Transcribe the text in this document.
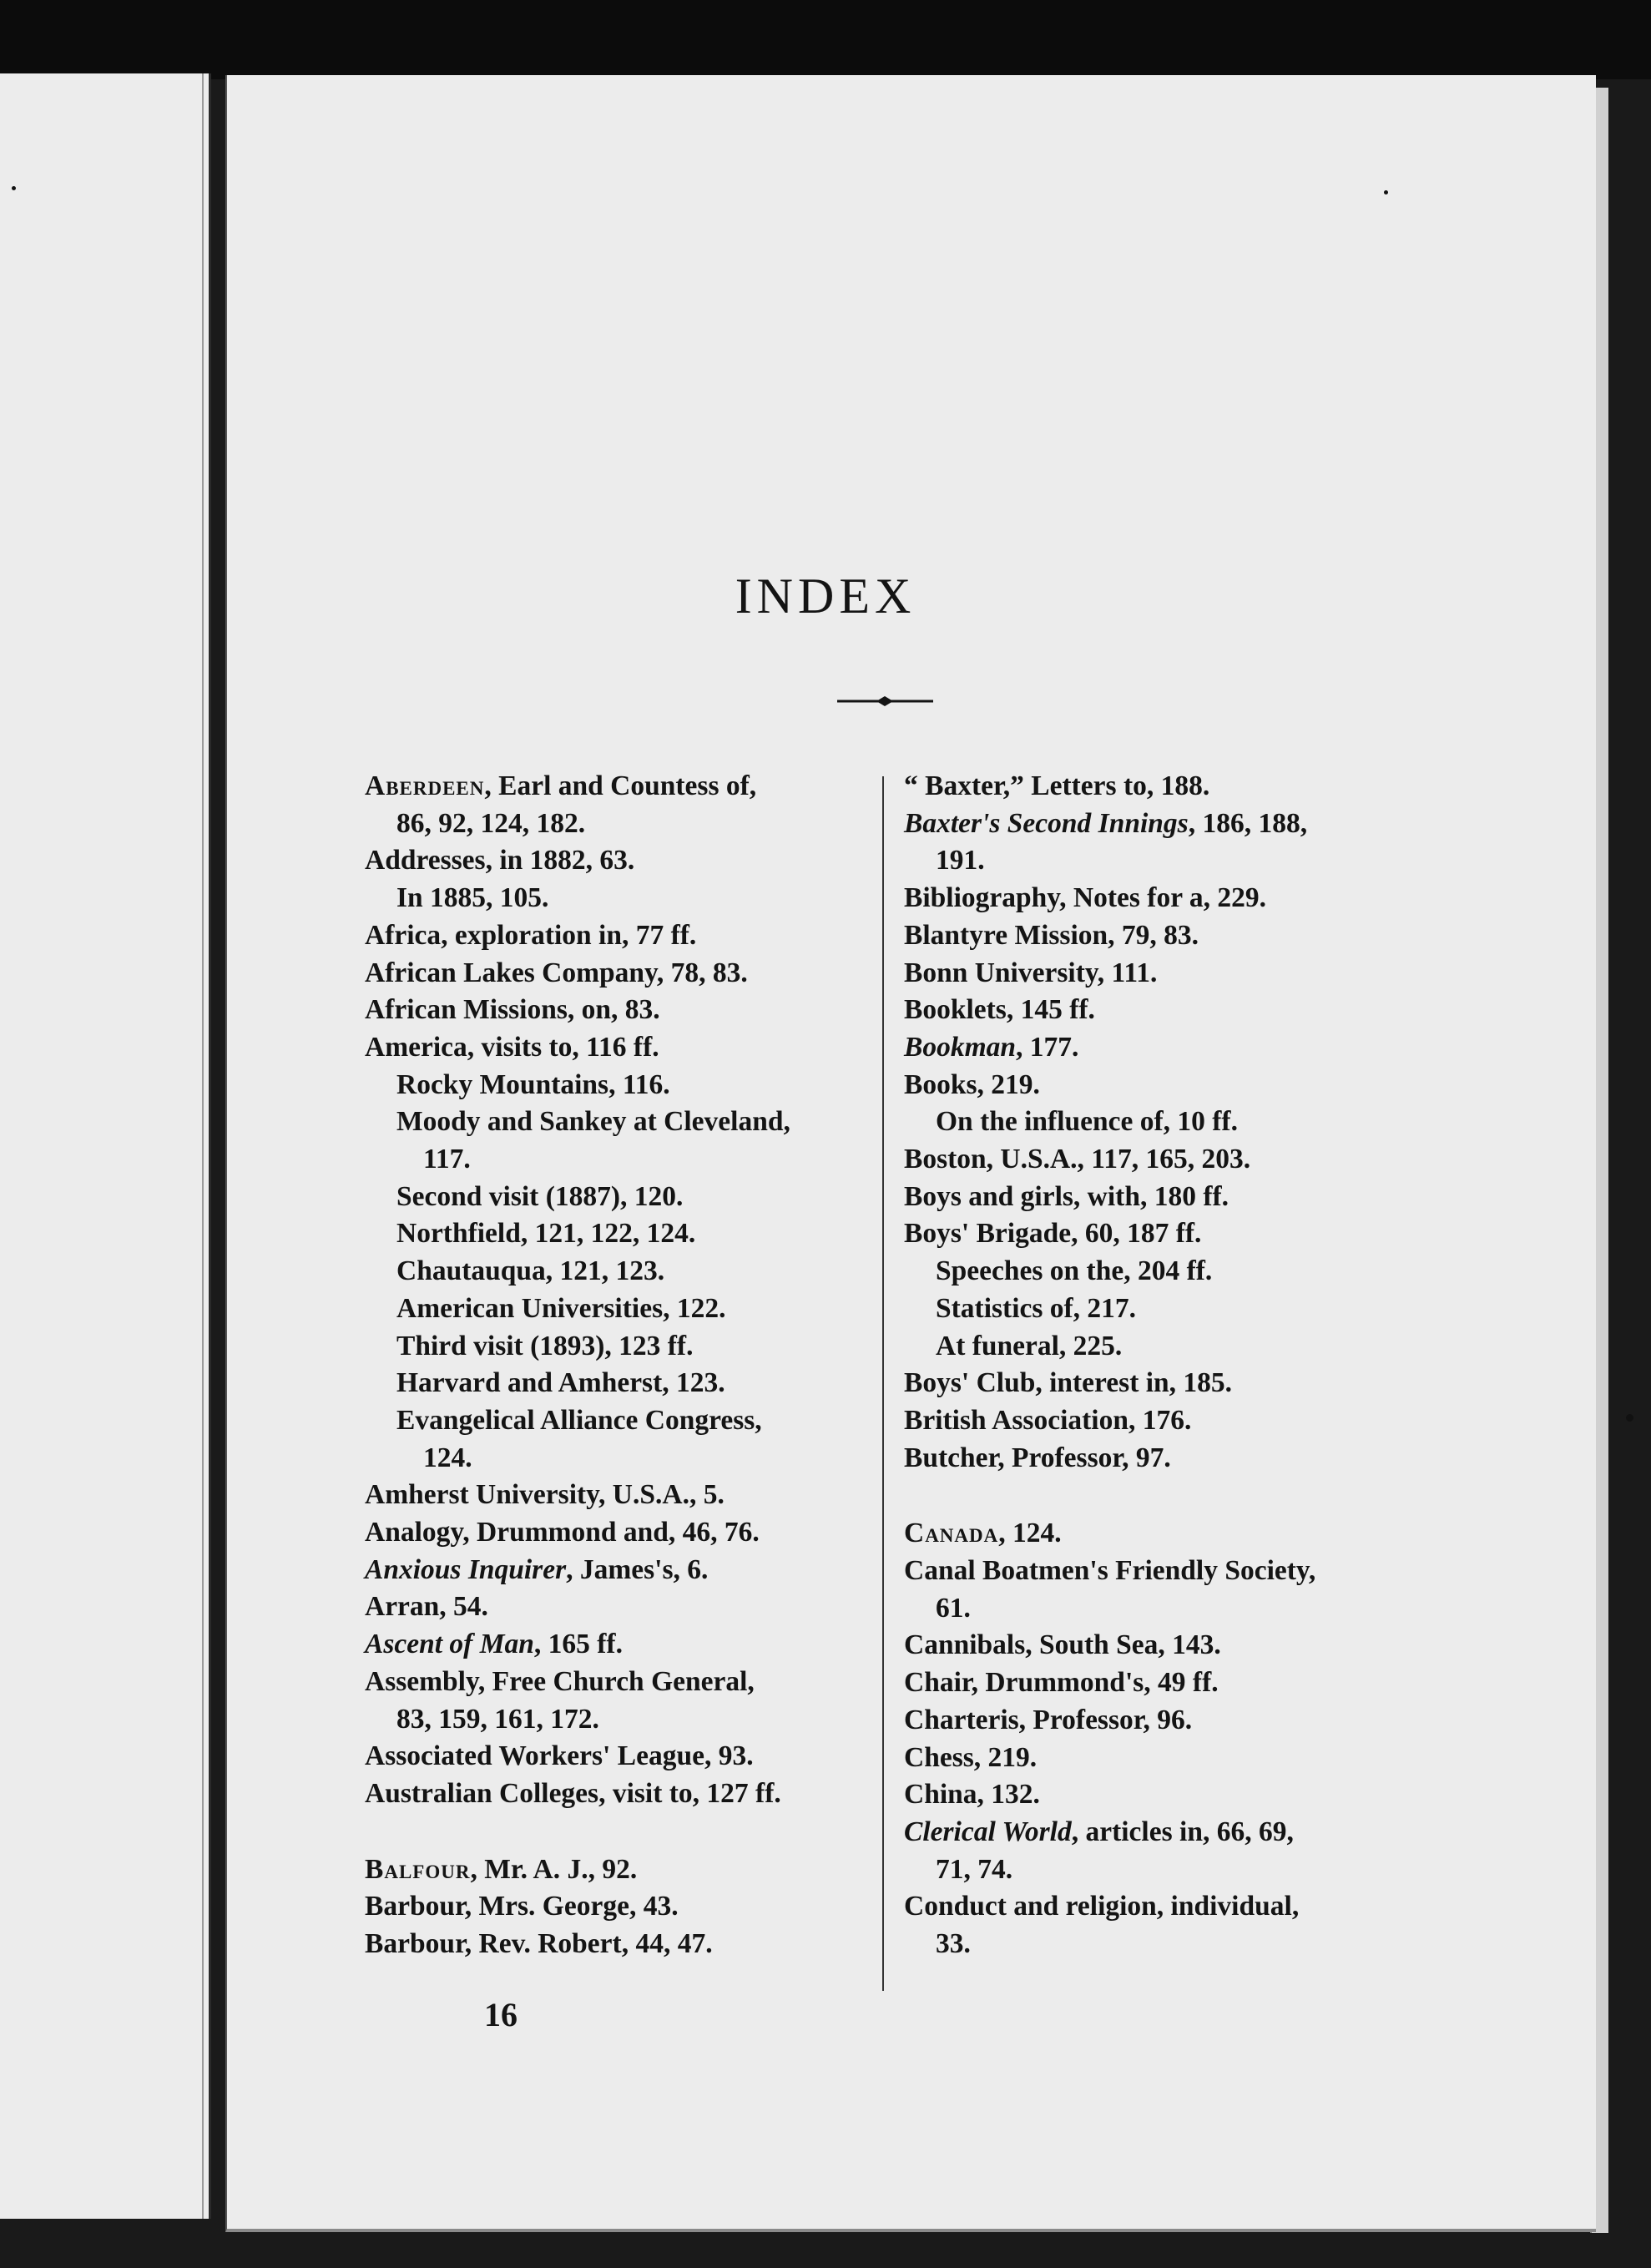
INDEX
Aberdeen, Earl and Countess of,
86, 92, 124, 182.
Addresses, in 1882, 63.
In 1885, 105.
Africa, exploration in, 77 ff.
African Lakes Company, 78, 83.
African Missions, on, 83.
America, visits to, 116 ff.
Rocky Mountains, 116.
Moody and Sankey at Cleveland,
117.
Second visit (1887), 120.
Northfield, 121, 122, 124.
Chautauqua, 121, 123.
American Universities, 122.
Third visit (1893), 123 ff.
Harvard and Amherst, 123.
Evangelical Alliance Congress,
124.
Amherst University, U.S.A., 5.
Analogy, Drummond and, 46, 76.
Anxious Inquirer, James's, 6.
Arran, 54.
Ascent of Man, 165 ff.
Assembly, Free Church General,
83, 159, 161, 172.
Associated Workers' League, 93.
Australian Colleges, visit to, 127 ff.
Balfour, Mr. A. J., 92.
Barbour, Mrs. George, 43.
Barbour, Rev. Robert, 44, 47.
“ Baxter,” Letters to, 188.
Baxter's Second Innings, 186, 188,
191.
Bibliography, Notes for a, 229.
Blantyre Mission, 79, 83.
Bonn University, 111.
Booklets, 145 ff.
Bookman, 177.
Books, 219.
On the influence of, 10 ff.
Boston, U.S.A., 117, 165, 203.
Boys and girls, with, 180 ff.
Boys' Brigade, 60, 187 ff.
Speeches on the, 204 ff.
Statistics of, 217.
At funeral, 225.
Boys' Club, interest in, 185.
British Association, 176.
Butcher, Professor, 97.
Canada, 124.
Canal Boatmen's Friendly Society,
61.
Cannibals, South Sea, 143.
Chair, Drummond's, 49 ff.
Charteris, Professor, 96.
Chess, 219.
China, 132.
Clerical World, articles in, 66, 69,
71, 74.
Conduct and religion, individual,
33.
16
